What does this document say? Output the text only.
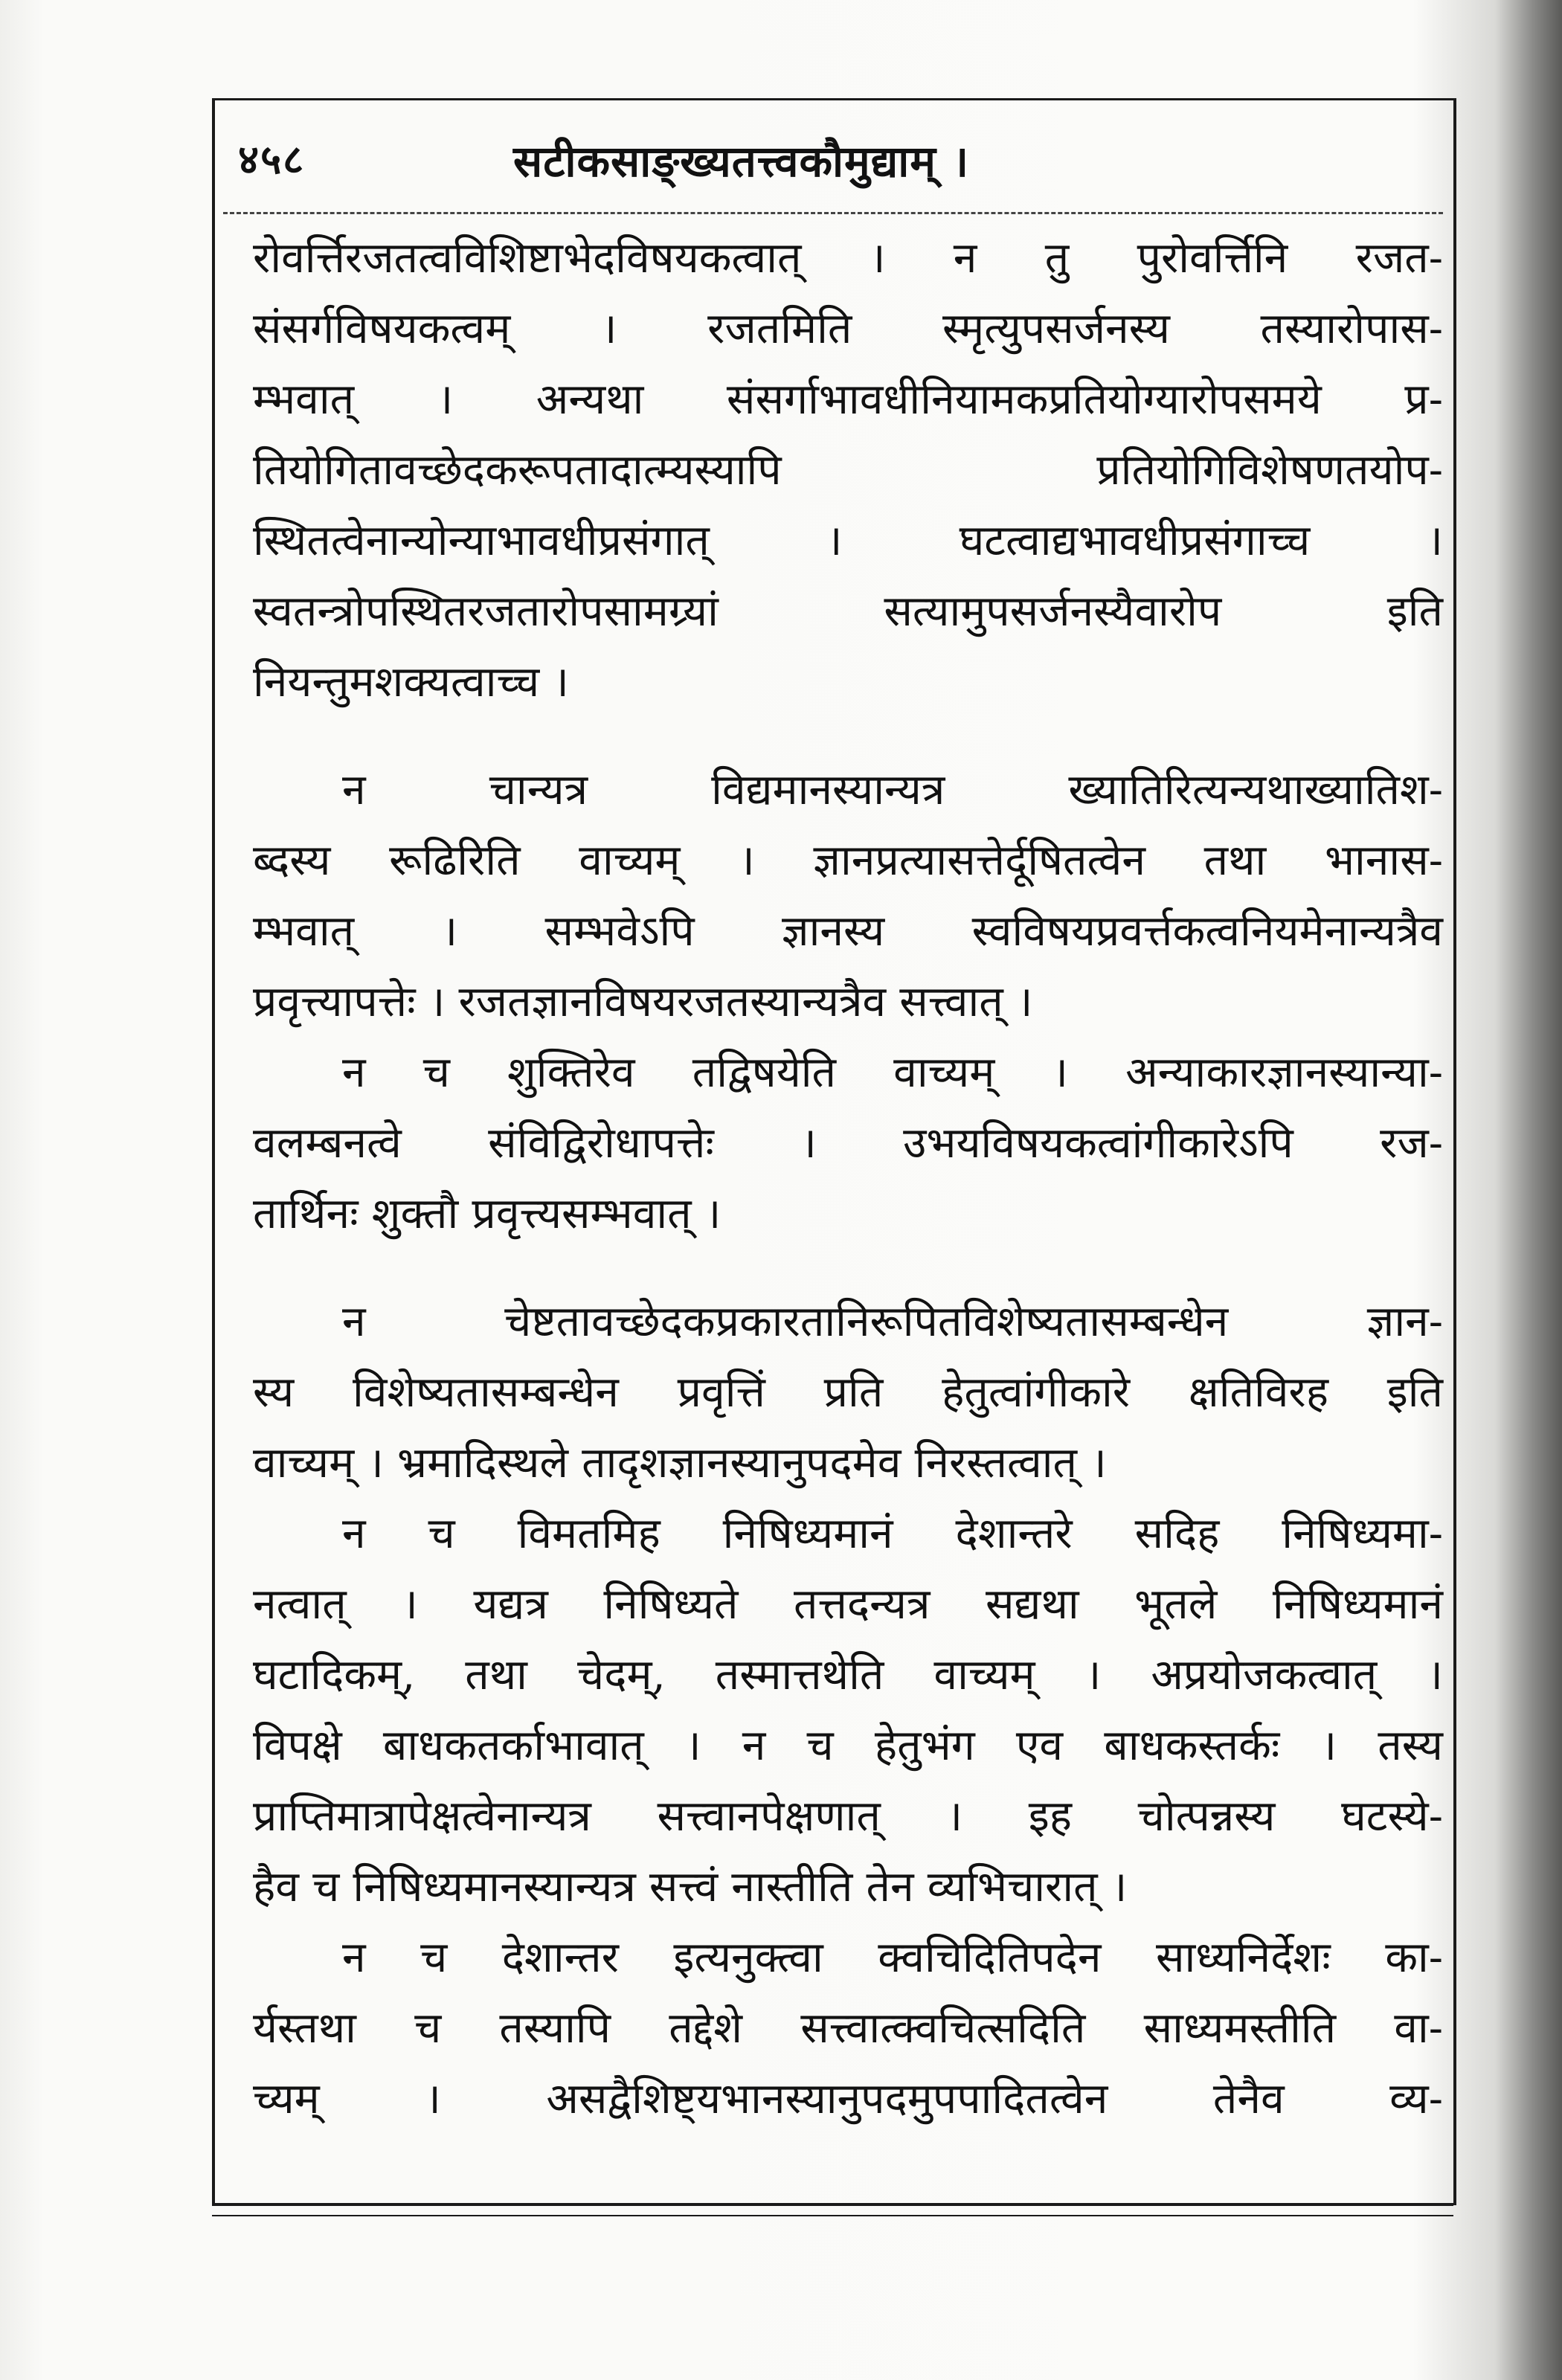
४५८	सटीकसाङ्ख्यतत्त्वकौमुद्याम् ।

रोवर्त्तिरजतत्वविशिष्टाभेदविषयकत्वात् । न तु पुरोवर्त्तिनि रजत-
संसर्गविषयकत्वम् । रजतमिति स्मृत्युपसर्जनस्य तस्यारोपास-
म्भवात् । अन्यथा संसर्गाभावधीनियामकप्रतियोग्यारोपसमये प्र-
तियोगितावच्छेदकरूपतादात्म्यस्यापि प्रतियोगिविशेषणतयोप-
स्थितत्वेनान्योन्याभावधीप्रसंगात् । घटत्वाद्यभावधीप्रसंगाच्च ।
स्वतन्त्रोपस्थितरजतारोपसामग्र्यां सत्यामुपसर्जनस्यैवारोप इति
नियन्तुमशक्यत्वाच्च ।

न चान्यत्र विद्यमानस्यान्यत्र ख्यातिरित्यन्यथाख्यातिश-
ब्दस्य रूढिरिति वाच्यम् । ज्ञानप्रत्यासत्तेर्दूषितत्वेन तथा भानास-
म्भवात् । सम्भवेऽपि ज्ञानस्य स्वविषयप्रवर्त्तकत्वनियमेनान्यत्रैव
प्रवृत्त्यापत्तेः । रजतज्ञानविषयरजतस्यान्यत्रैव सत्त्वात् ।

न च शुक्तिरेव तद्विषयेति वाच्यम् । अन्याकारज्ञानस्यान्या-
वलम्बनत्वे संविद्विरोधापत्तेः । उभयविषयकत्वांगीकारेऽपि रज-
तार्थिनः शुक्तौ प्रवृत्त्यसम्भवात् ।

न चेष्टतावच्छेदकप्रकारतानिरूपितविशेष्यतासम्बन्धेन ज्ञान-
स्य विशेष्यतासम्बन्धेन प्रवृत्तिं प्रति हेतुत्वांगीकारे क्षतिविरह इति
वाच्यम् । भ्रमादिस्थले तादृशज्ञानस्यानुपदमेव निरस्तत्वात् ।

न च विमतमिह निषिध्यमानं देशान्तरे सदिह निषिध्यमा-
नत्वात् । यद्यत्र निषिध्यते तत्तदन्यत्र सद्यथा भूतले निषिध्यमानं
घटादिकम्, तथा चेदम्, तस्मात्तथेति वाच्यम् । अप्रयोजकत्वात् ।
विपक्षे बाधकतर्काभावात् । न च हेतुभंग एव बाधकस्तर्कः । तस्य
प्राप्तिमात्रापेक्षत्वेनान्यत्र सत्त्वानपेक्षणात् । इह चोत्पन्नस्य घटस्ये-
हैव च निषिध्यमानस्यान्यत्र सत्त्वं नास्तीति तेन व्यभिचारात् ।

न च देशान्तर इत्यनुक्त्वा क्वचिदितिपदेन साध्यनिर्देशः का-
र्यस्तथा च तस्यापि तद्देशे सत्त्वात्क्वचित्सदिति साध्यमस्तीति वा-
च्यम् । असद्वैशिष्ट्यभानस्यानुपदमुपपादितत्वेन तेनैव व्य-
